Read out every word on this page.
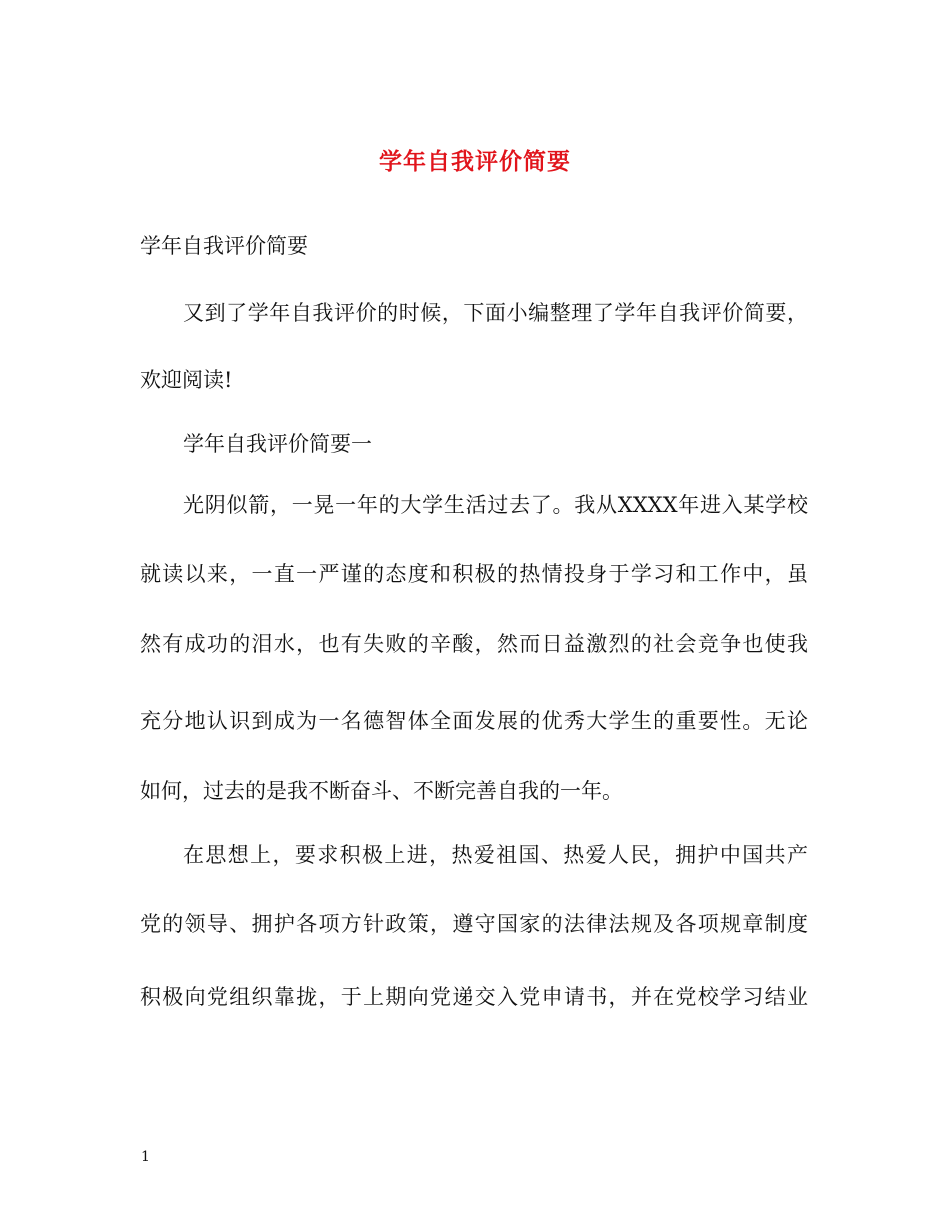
学年自我评价简要
学年自我评价简要
又到了学年自我评价的时候，下面小编整理了学年自我评价简要，
欢迎阅读!
学年自我评价简要一
光阴似箭，一晃一年的大学生活过去了。我从XXXX年进入某学校
就读以来，一直一严谨的态度和积极的热情投身于学习和工作中，虽
然有成功的泪水，也有失败的辛酸，然而日益激烈的社会竞争也使我
充分地认识到成为一名德智体全面发展的优秀大学生的重要性。无论
如何，过去的是我不断奋斗、不断完善自我的一年。
在思想上，要求积极上进，热爱祖国、热爱人民，拥护中国共产
党的领导、拥护各项方针政策，遵守国家的法律法规及各项规章制度
积极向党组织靠拢，于上期向党递交入党申请书，并在党校学习结业
1
